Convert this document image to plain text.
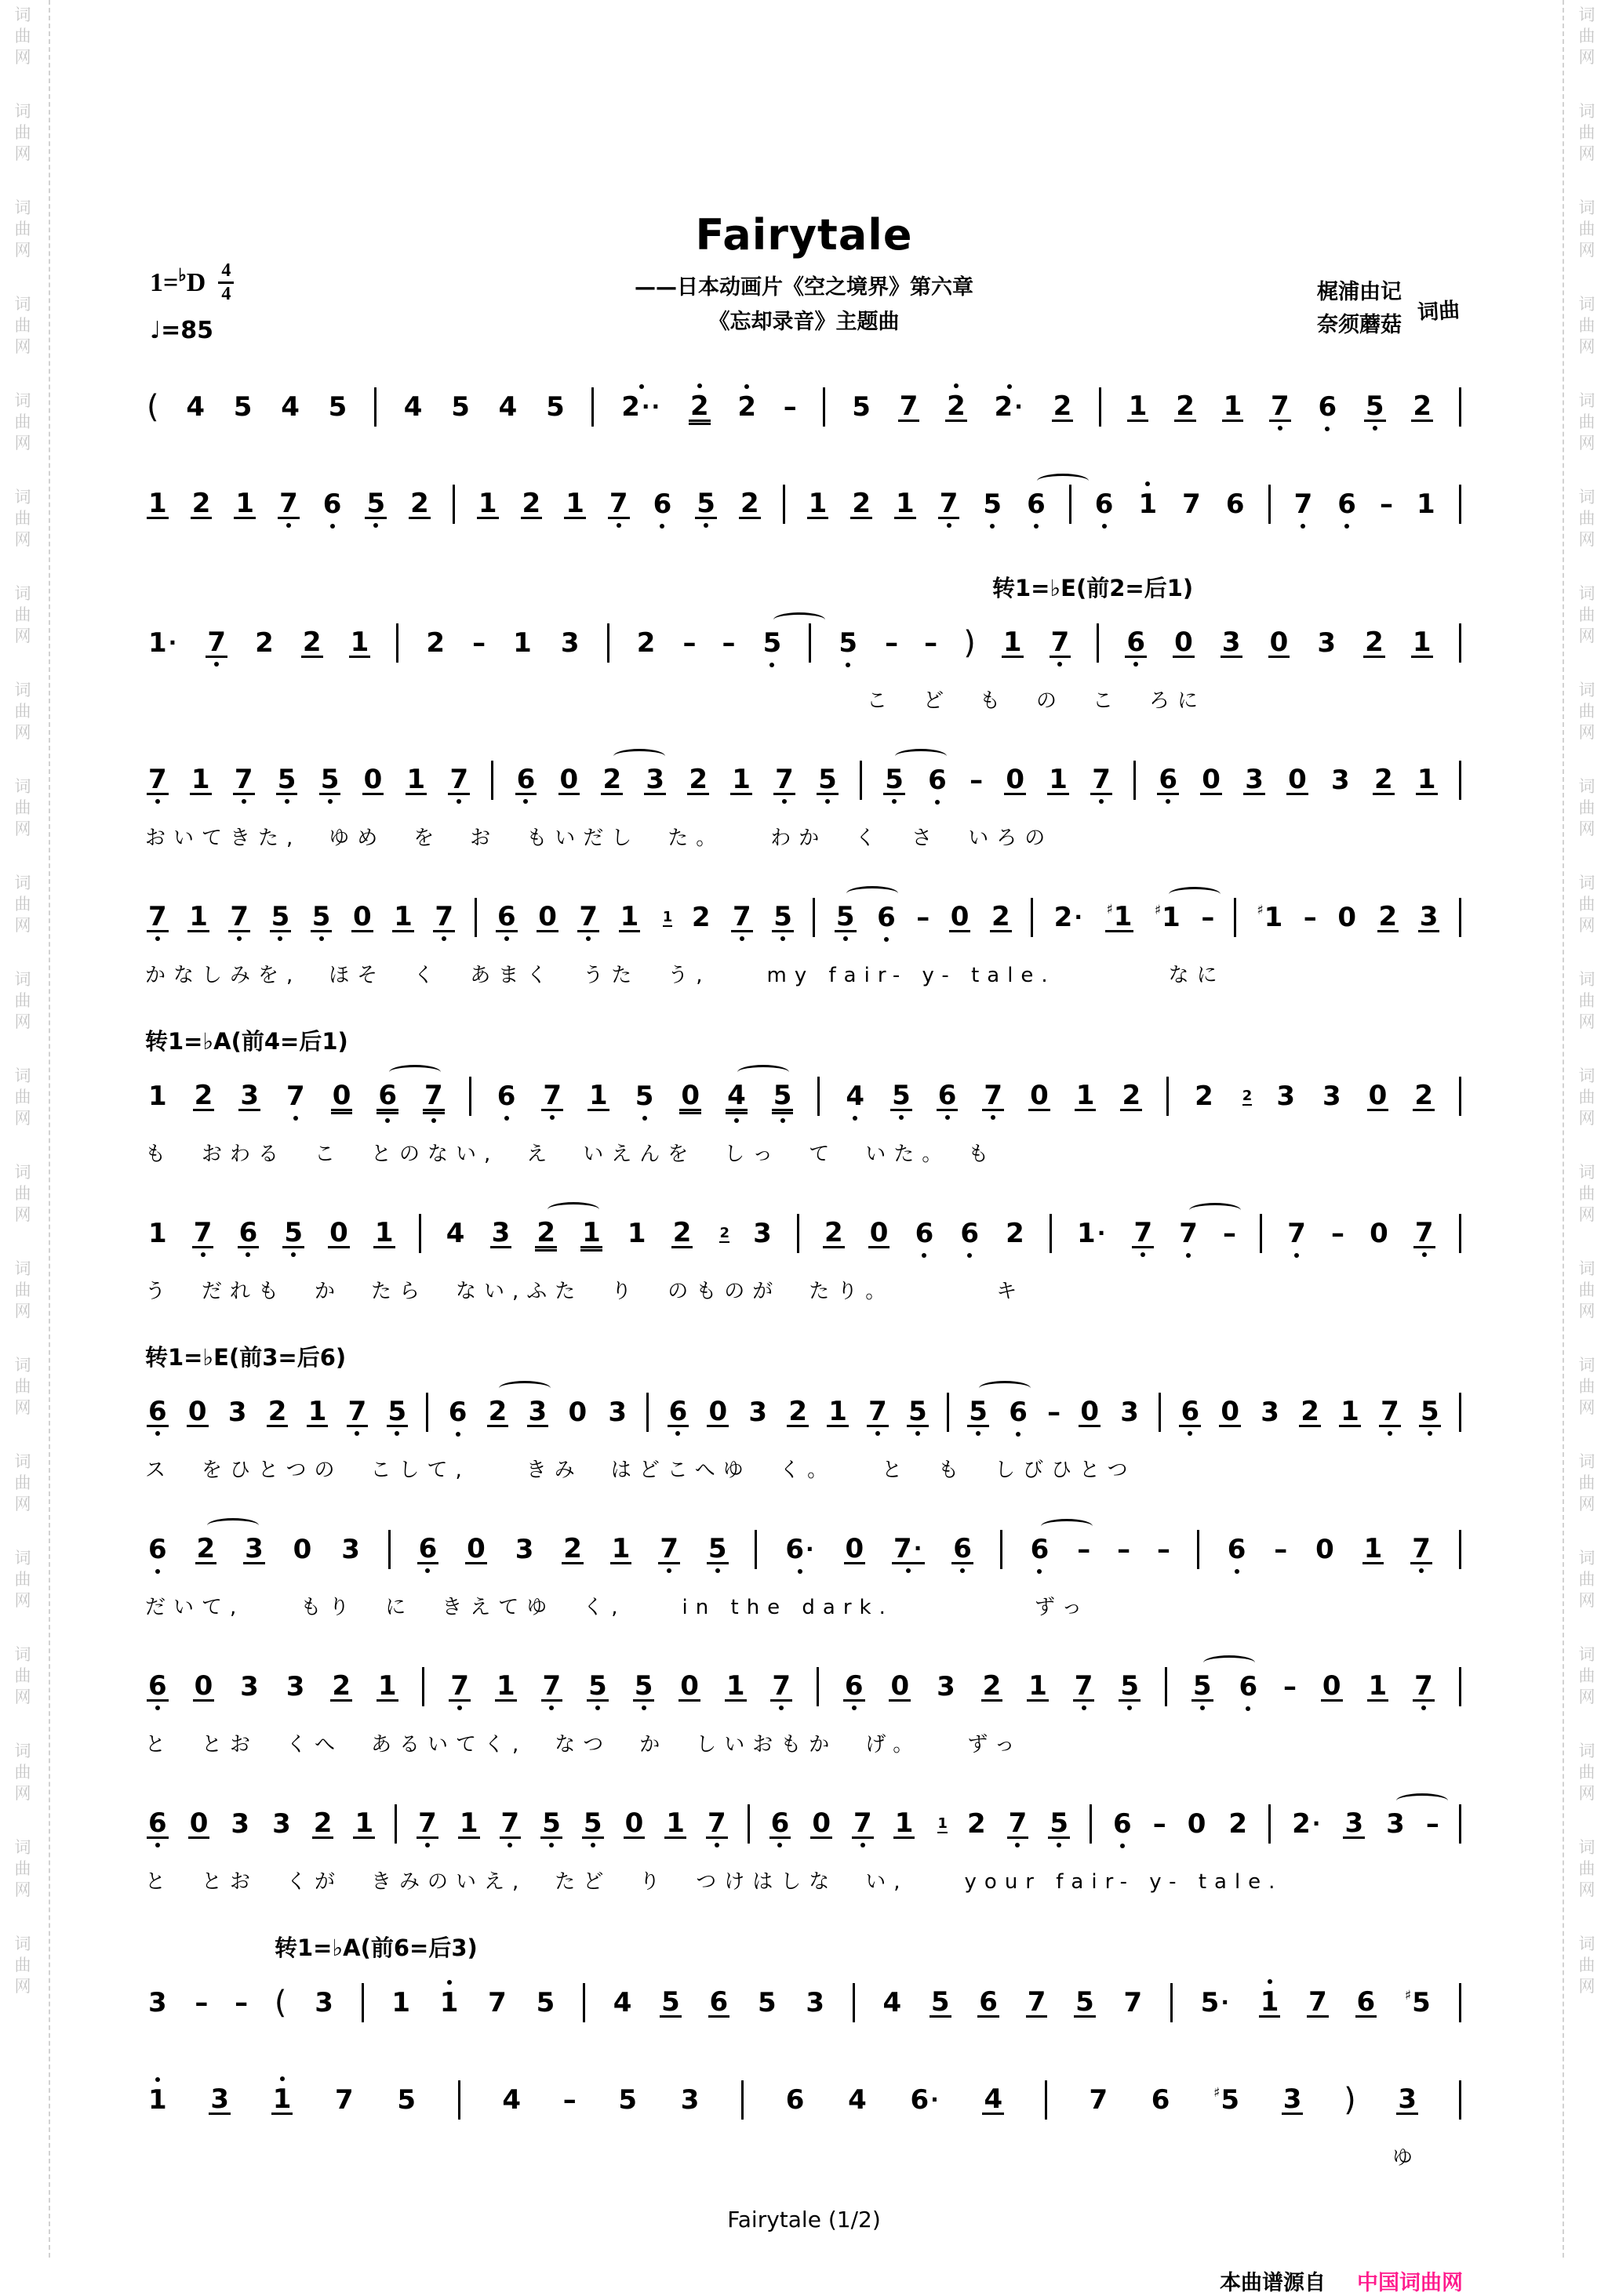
词
曲
网
词
曲
网
词
曲
网
词
曲
网
词
曲
网
词
曲
网
词
曲
网
词
曲
网
词
曲
网
词
曲
网
词
曲
网
词
曲
网
词
曲
网
词
曲
网
词
曲
网
词
曲
网
词
曲
网
词
曲
网
词
曲
网
词
曲
网
词
曲
网
词
曲
网
词
曲
网
词
曲
网
词
曲
网
词
曲
网
词
曲
网
词
曲
网
词
曲
网
词
曲
网
词
曲
网
词
曲
网
词
曲
网
词
曲
网
词
曲
网
词
曲
网
词
曲
网
词
曲
网
词
曲
网
词
曲
网
词
曲
网
词
曲
网
Fairytale
——日本动画片《空之境界》第六章
《忘却录音》主题曲
1= ♭ D $\frac{4}{4}$
♩=85
梶浦由记
奈须蘑菇
词曲
( 4 5 4 5 4 5 4 5 2·· 2 2 – 5 7 2 2· 2 1 2 1 7 6 5 2
1 2 1 7 6 5 2 1 2 1 7 6 5 2 1 2 1 7 5 6 6 1 7 6 7 6 – 1
转1=♭E(前2=后1)
1· 7 2 2 1 2 – 1 3 2 – – 5 5 – – ) 1 7 6 0 3 0 3 2 1
こ　ど　も　の　こ　ろに
7 1 7 5 5 0 1 7 6 0 2 3 2 1 7 5 5 6 – 0 1 7 6 0 3 0 3 2 1
おいてきた,　ゆめ　を　お　もいだし　た。　　わか　く　さ　いろの
7 1 7 5 5 0 1 7 6 0 7 1 1 2 7 5 5 6 – 0 2 2· ♯1 ♯1 –	♯1 – 0 2 3
かなしみを,　ほそ　く　あまく　うた　う,　　my fair- y- tale.　　　　なに
转1=♭A(前4=后1)
1 2 3 7 0 6 7 6 7 1 5 0 4 5 4 5 6 7 0 1 2 2 2 3 3 0 2
も　おわる　こ　とのない,　え　いえんを　しっ　て　いた。　も
1 7 6 5 0 1 4 3 2 1 1 2 2 3 2 0 6 6 2 1· 7 7 – 7 – 0 7
う　だれも　か　たら　ない,ふた　り　のものが　たり。　　　　キ
转1=♭E(前3=后6)
6 0 3 2 1 7 5 6 2 3 0 3 6 0 3 2 1 7 5 5 6 – 0 3 6 0 3 2 1 7 5
ス　をひとつの　こして,　　きみ　はどこへゆ　く。　　と　も　しびひとつ
6 2 3 0 3 6 0 3 2 1 7 5 6· 0 7· 6 6 – – – 6 – 0 1 7
だいて,　　もり　に　きえてゆ　く,　　in the dark.　　　　　ずっ
6 0 3 3 2 1 7 1 7 5 5 0 1 7 6 0 3 2 1 7 5 5 6 – 0 1 7
と　とお　くへ　あるいてく,　なつ　か　しいおもか　げ。　　ずっ
6 0 3 3 2 1 7 1 7 5 5 0 1 7 6 0 7 1 1 2 7 5 6 – 0 2 2· 3 3 –
と　とお　くが　きみのいえ,　たど　り　つけはしな　い,　　your fair- y- tale.
转1=♭A(前6=后3)
3 – – ( 3 1 1 7 5 4 5 6 5 3 4 5 6 7 5 7 5· 1 7 6 ♯5
1 3 1 7 5	4 – 5 3	6 4 6· 4	7 6	♯5 3 ) 3
ゆ
Fairytale (1/2)
本曲谱源自 中国词曲网
